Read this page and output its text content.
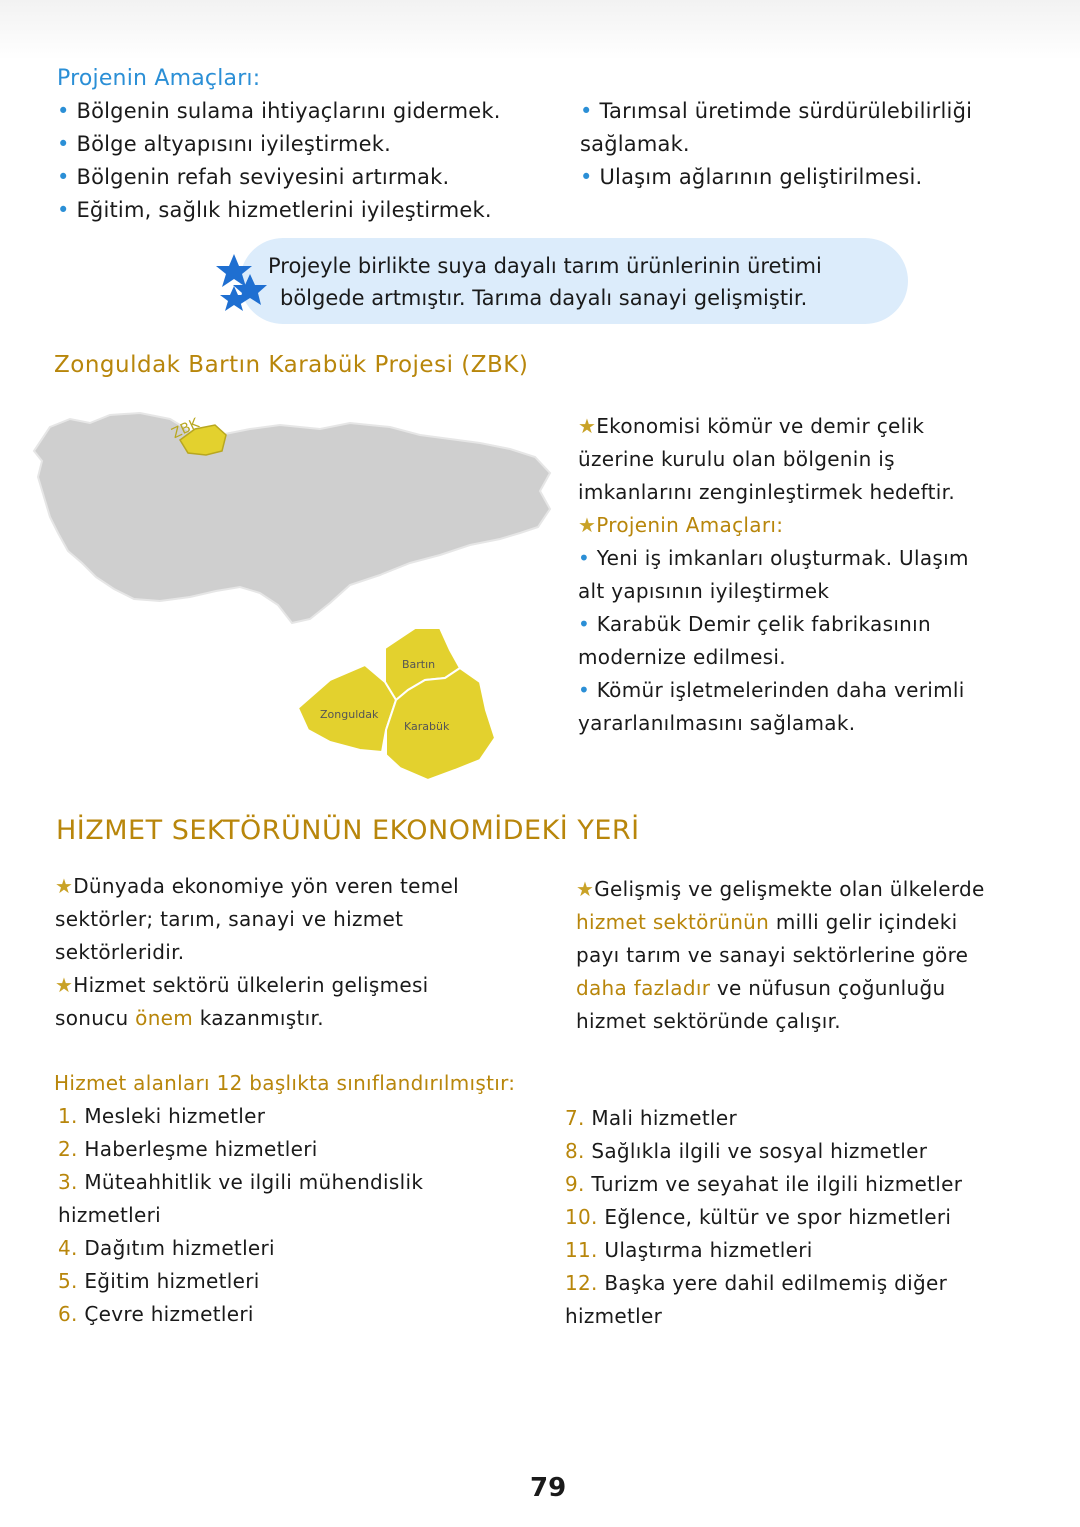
Projenin Amaçları:
• Bölgenin sulama ihtiyaçlarını gidermek.
• Bölge altyapısını iyileştirmek.
• Bölgenin refah seviyesini artırmak.
• Eğitim, sağlık hizmetlerini iyileştirmek.
• Tarımsal üretimde sürdürülebilirliği
sağlamak.
• Ulaşım ağlarının geliştirilmesi.
Projeyle birlikte suya dayalı tarım ürünlerinin üretimi
bölgede artmıştır. Tarıma dayalı sanayi gelişmiştir.
Zonguldak Bartın Karabük Projesi (ZBK)
ZBK
Bartın
Zonguldak
Karabük
★Ekonomisi kömür ve demir çelik
üzerine kurulu olan bölgenin iş
imkanlarını zenginleştirmek hedeftir.
★Projenin Amaçları:
• Yeni iş imkanları oluşturmak. Ulaşım
alt yapısının iyileştirmek
• Karabük Demir çelik fabrikasının
modernize edilmesi.
• Kömür işletmelerinden daha verimli
yararlanılmasını sağlamak.
HİZMET SEKTÖRÜNÜN EKONOMİDEKİ YERİ
★Dünyada ekonomiye yön veren temel
sektörler; tarım, sanayi ve hizmet
sektörleridir.
★Hizmet sektörü ülkelerin gelişmesi
sonucu önem kazanmıştır.
★Gelişmiş ve gelişmekte olan ülkelerde
hizmet sektörünün milli gelir içindeki
payı tarım ve sanayi sektörlerine göre
daha fazladır ve nüfusun çoğunluğu
hizmet sektöründe çalışır.
Hizmet alanları 12 başlıkta sınıflandırılmıştır:
1. Mesleki hizmetler
2. Haberleşme hizmetleri
3. Müteahhitlik ve ilgili mühendislik
hizmetleri
4. Dağıtım hizmetleri
5. Eğitim hizmetleri
6. Çevre hizmetleri
7. Mali hizmetler
8. Sağlıkla ilgili ve sosyal hizmetler
9. Turizm ve seyahat ile ilgili hizmetler
10. Eğlence, kültür ve spor hizmetleri
11. Ulaştırma hizmetleri
12. Başka yere dahil edilmemiş diğer
hizmetler
79
